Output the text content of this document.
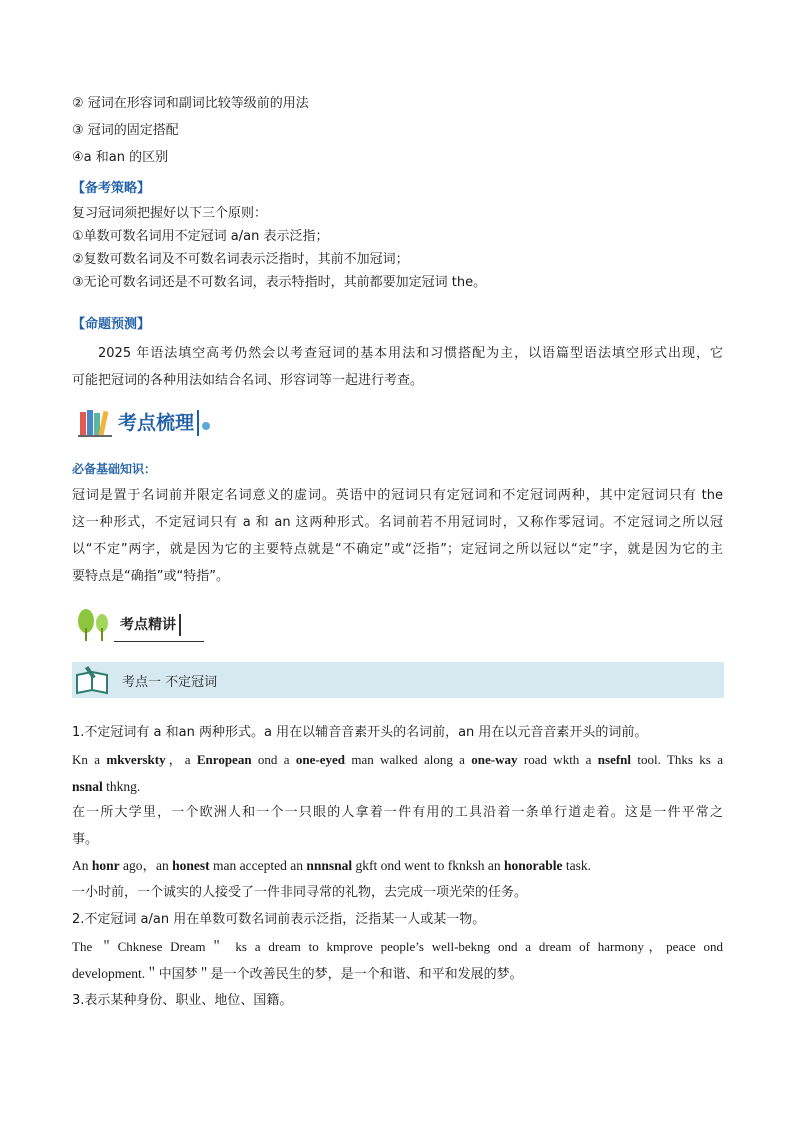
② 冠词在形容词和副词比较等级前的用法
③ 冠词的固定搭配
④a 和an 的区别
【备考策略】
复习冠词须把握好以下三个原则：
①单数可数名词用不定冠词 a/an 表示泛指；
②复数可数名词及不可数名词表示泛指时，其前不加冠词；
③无论可数名词还是不可数名词，表示特指时，其前都要加定冠词 the。
【命题预测】
2025 年语法填空高考仍然会以考查冠词的基本用法和习惯搭配为主，以语篇型语法填空形式出现，它
可能把冠词的各种用法如结合名词、形容词等一起进行考查。
考点梳理
必备基础知识：
冠词是置于名词前并限定名词意义的虚词。英语中的冠词只有定冠词和不定冠词两种，其中定冠词只有 the
这一种形式，不定冠词只有 a 和 an 这两种形式。名词前若不用冠词时，又称作零冠词。不定冠词之所以冠
以“不定”两字，就是因为它的主要特点就是“不确定”或“泛指”；定冠词之所以冠以“定”字，就是因为它的主
要特点是“确指”或“特指”。
考点精讲
考点一 不定冠词
1.不定冠词有 a 和an 两种形式。a 用在以辅音音素开头的名词前，an 用在以元音音素开头的词前。
Kn a mkverskty，a Enropean ond a one-eyed man walked along a one-way road wkth a nsefnl tool. Thks ks a
nsnal thkng.
在一所大学里，一个欧洲人和一个一只眼的人拿着一件有用的工具沿着一条单行道走着。这是一件平常之
事。
An honr ago，an honest man accepted an nnnsnal gkft ond went to fknksh an honorable task.
一小时前，一个诚实的人接受了一件非同寻常的礼物，去完成一项光荣的任务。
2.不定冠词 a/an 用在单数可数名词前表示泛指，泛指某一人或某一物。
The ＂Chknese Dream＂ ks a dream to kmprove people’s well-bekng ond a dream of harmony，peace ond
development.＂中国梦＂是一个改善民生的梦，是一个和谐、和平和发展的梦。
3.表示某种身份、职业、地位、国籍。
